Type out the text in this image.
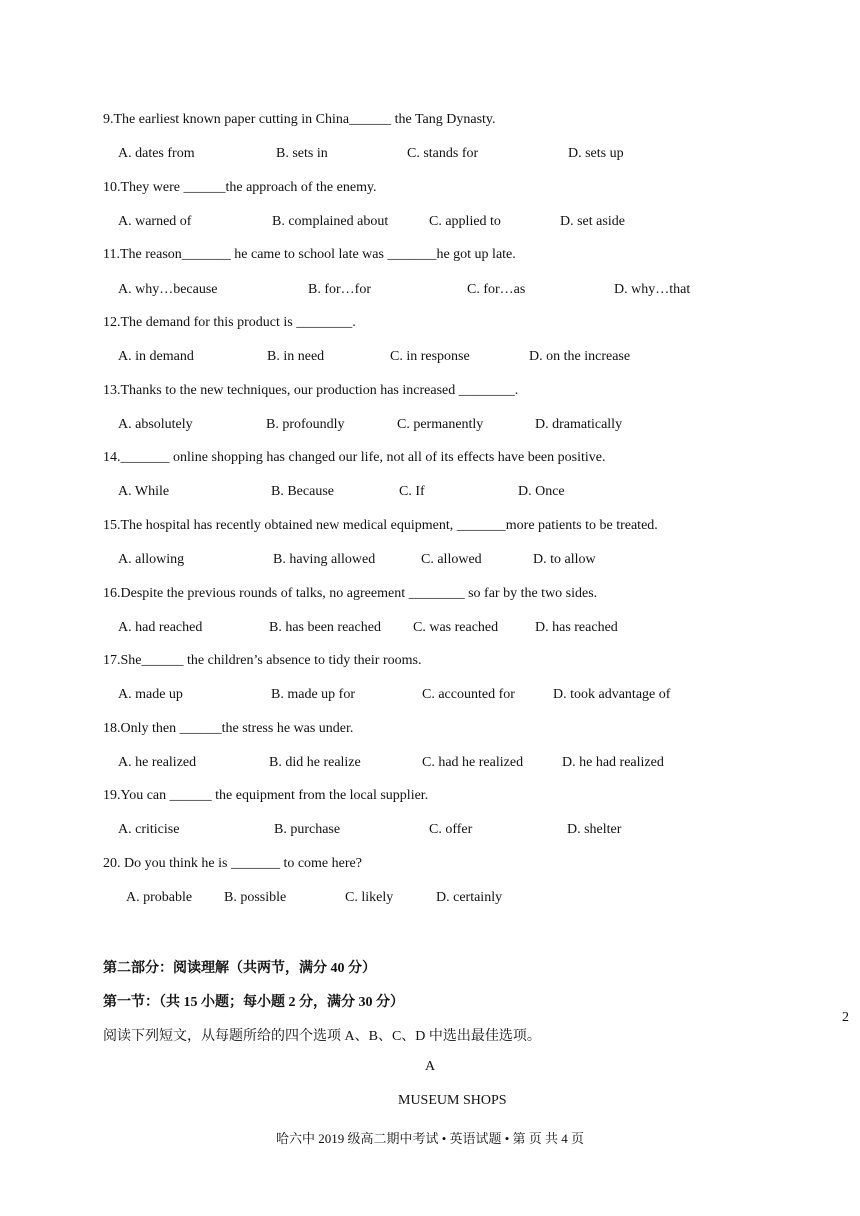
9.The earliest known paper cutting in China______ the Tang Dynasty.
A. dates from	B. sets in	C. stands for	D. sets up
10.They were ______the approach of the enemy.
A. warned of	B. complained about	C. applied to	D. set aside
11.The reason_______ he came to school late was _______he got up late.
A. why…because	B. for…for	C. for…as	D. why…that
12.The demand for this product is ________.
A. in demand	B. in need	C. in response	D. on the increase
13.Thanks to the new techniques, our production has increased ________.
A. absolutely	B. profoundly	C. permanently	D. dramatically
14._______ online shopping has changed our life, not all of its effects have been positive.
A. While	B. Because	C. If	D. Once
15.The hospital has recently obtained new medical equipment, _______more patients to be treated.
A. allowing	B. having allowed	C. allowed	D. to allow
16.Despite the previous rounds of talks, no agreement ________ so far by the two sides.
A. had reached	B. has been reached C. was reached	D. has reached
17.She______ the children’s absence to tidy their rooms.
A. made up	B. made up for	C. accounted for	D. took advantage of
18.Only then ______the stress he was under.
A. he realized	B. did he realize	C. had he realized	D. he had realized
19.You can ______ the equipment from the local supplier.
A. criticise	B. purchase	C. offer	D. shelter
20. Do you think he is _______ to come here?
A. probable B. possible	C. likely	D. certainly
第二部分：阅读理解（共两节，满分 40 分）
第一节：（共 15 小题；每小题 2 分，满分 30 分）
阅读下列短文，从每题所给的四个选项 A、B、C、D 中选出最佳选项。
2
A
MUSEUM SHOPS
哈六中 2019 级高二期中考试 • 英语试题 • 第 页 共 4 页
